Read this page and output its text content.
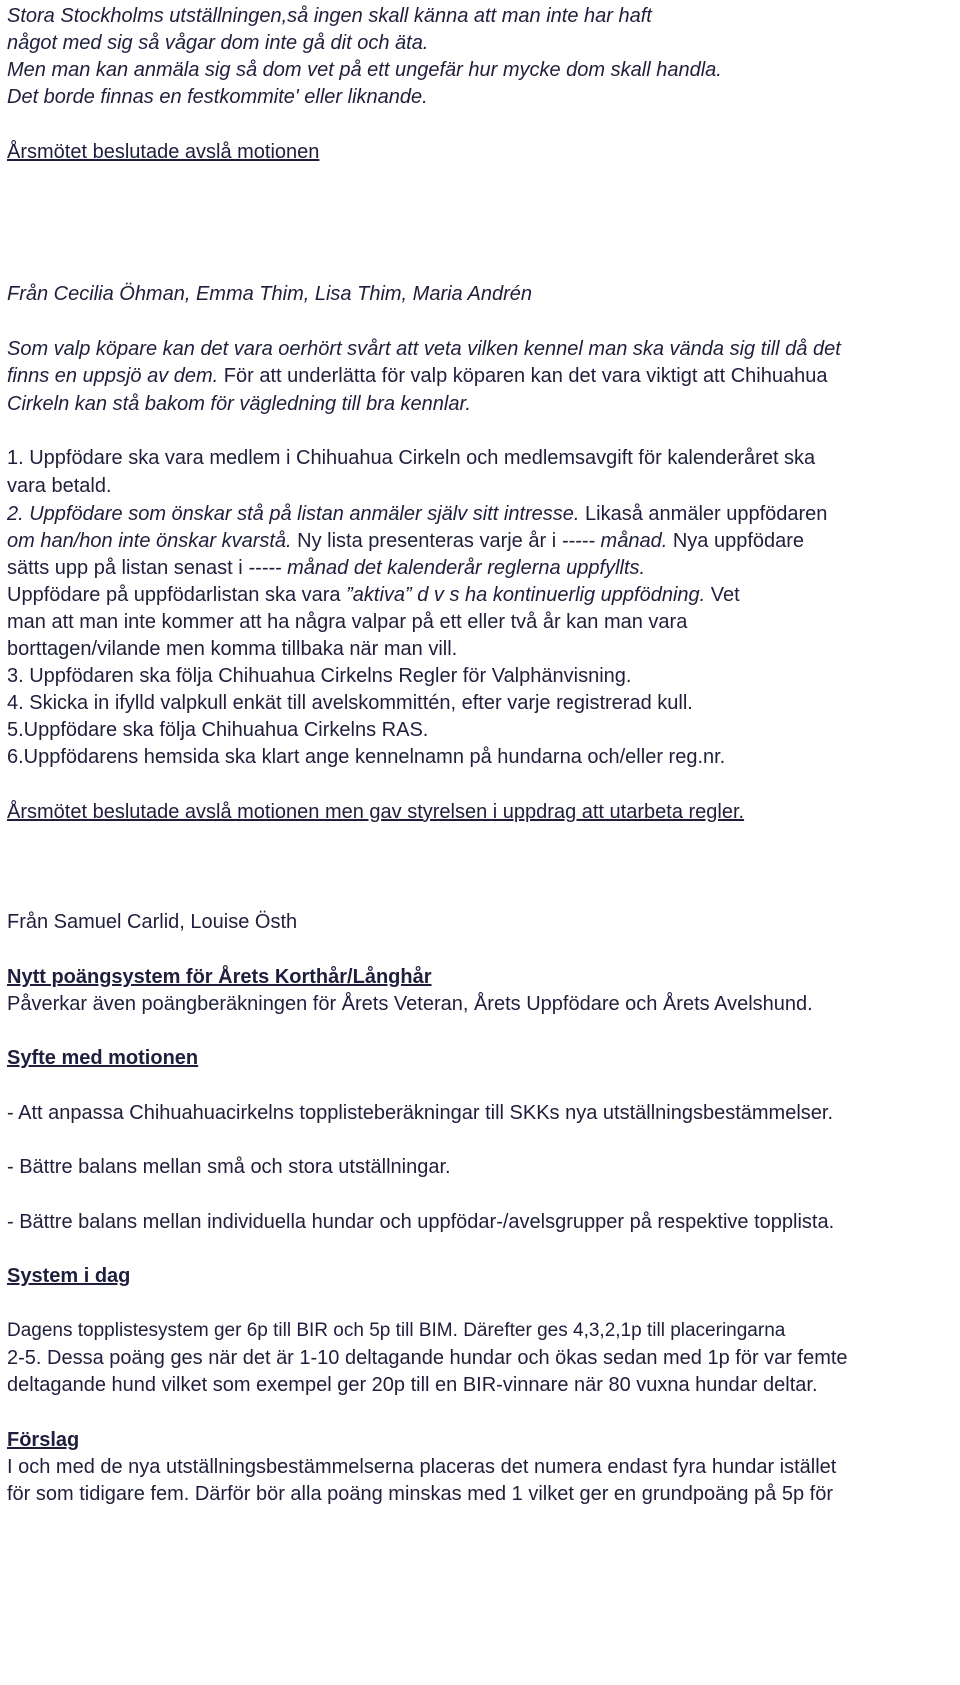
Stora Stockholms utställningen,så ingen skall känna att man inte har haft
något med sig så vågar dom inte gå dit och äta.
Men man kan anmäla sig så dom vet på ett ungefär hur mycke dom skall handla.
Det borde finnas en festkommite' eller liknande.
Årsmötet beslutade avslå motionen
Från Cecilia Öhman, Emma Thim, Lisa Thim, Maria Andrén
Som valp köpare kan det vara oerhört svårt att veta vilken kennel man ska vända sig till då det
finns en uppsjö av dem. För att underlätta för valp köparen kan det vara viktigt att Chihuahua
Cirkeln kan stå bakom för vägledning till bra kennlar.
1. Uppfödare ska vara medlem i Chihuahua Cirkeln och medlemsavgift för kalenderåret ska
vara betald.
2. Uppfödare som önskar stå på listan anmäler själv sitt intresse. Likaså anmäler uppfödaren
om han/hon inte önskar kvarstå. Ny lista presenteras varje år i ----- månad. Nya uppfödare
sätts upp på listan senast i ----- månad det kalenderår reglerna uppfyllts.
Uppfödare på uppfödarlistan ska vara ”aktiva” d v s ha kontinuerlig uppfödning. Vet
man att man inte kommer att ha några valpar på ett eller två år kan man vara
borttagen/vilande men komma tillbaka när man vill.
3. Uppfödaren ska följa Chihuahua Cirkelns Regler för Valphänvisning.
4. Skicka in ifylld valpkull enkät till avelskommittén, efter varje registrerad kull.
5.Uppfödare ska följa Chihuahua Cirkelns RAS.
6.Uppfödarens hemsida ska klart ange kennelnamn på hundarna och/eller reg.nr.
Årsmötet beslutade avslå motionen men gav styrelsen i uppdrag att utarbeta regler.
Från Samuel Carlid, Louise Östh
Nytt poängsystem för Årets Korthår/Långhår
Påverkar även poängberäkningen för Årets Veteran, Årets Uppfödare och Årets Avelshund.
Syfte med motionen
- Att anpassa Chihuahuacirkelns topplisteberäkningar till SKKs nya utställningsbestämmelser.
- Bättre balans mellan små och stora utställningar.
- Bättre balans mellan individuella hundar och uppfödar-/avelsgrupper på respektive topplista.
System i dag
Dagens topplistesystem ger 6p till BIR och 5p till BIM. Därefter ges 4,3,2,1p till placeringarna
2-5. Dessa poäng ges när det är 1-10 deltagande hundar och ökas sedan med 1p för var femte
deltagande hund vilket som exempel ger 20p till en BIR-vinnare när 80 vuxna hundar deltar.
Förslag
I och med de nya utställningsbestämmelserna placeras det numera endast fyra hundar istället
för som tidigare fem. Därför bör alla poäng minskas med 1 vilket ger en grundpoäng på 5p för
